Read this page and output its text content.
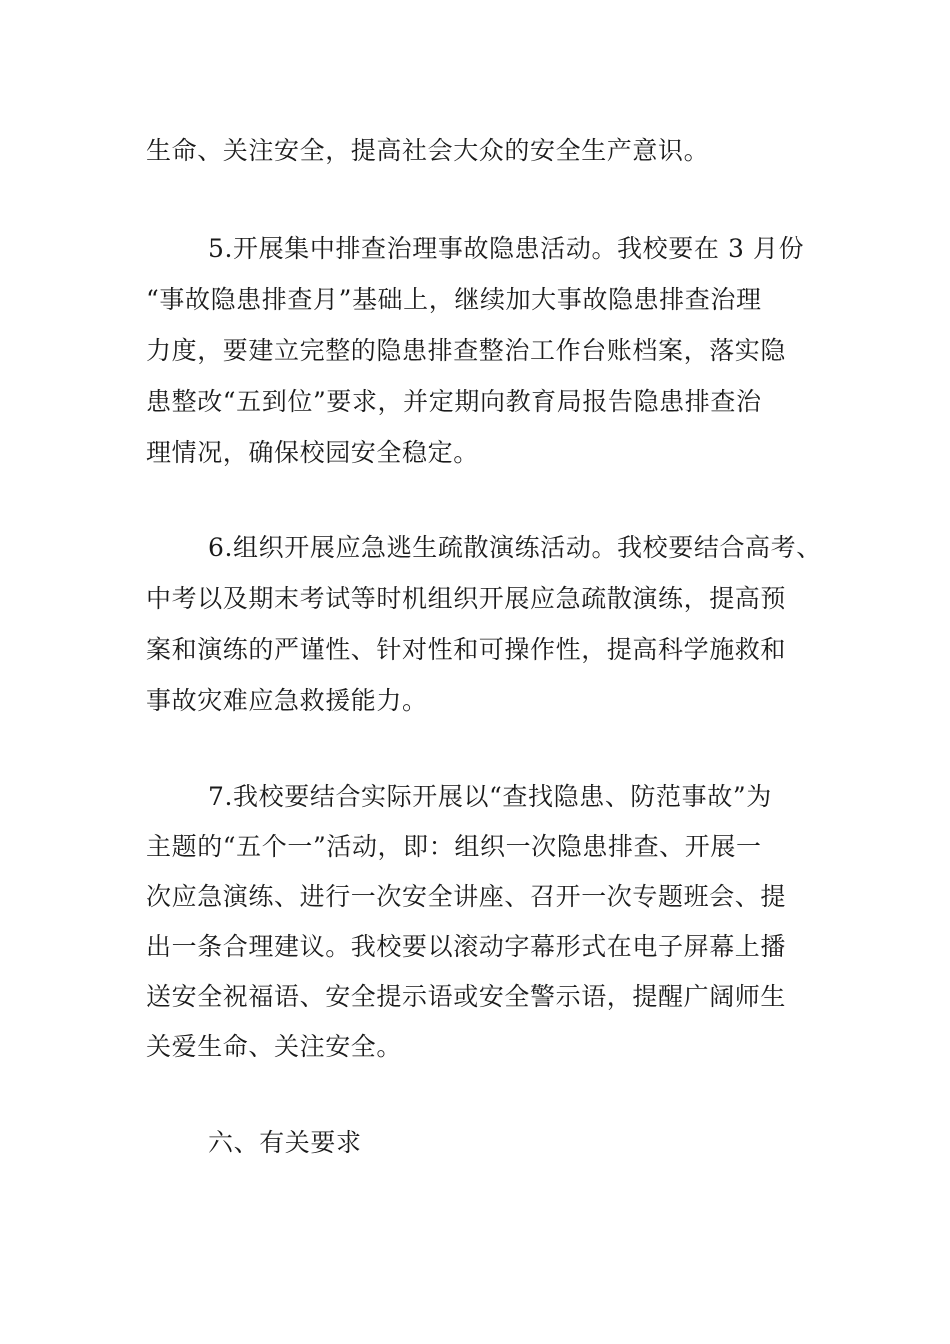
生命、关注安全，提高社会大众的安全生产意识。
5.开展集中排查治理事故隐患活动。我校要在 3 月份
“事故隐患排查月”基础上，继续加大事故隐患排查治理
力度，要建立完整的隐患排查整治工作台账档案，落实隐
患整改“五到位”要求，并定期向教育局报告隐患排查治
理情况，确保校园安全稳定。
6.组织开展应急逃生疏散演练活动。我校要结合高考、
中考以及期末考试等时机组织开展应急疏散演练，提高预
案和演练的严谨性、针对性和可操作性，提高科学施救和
事故灾难应急救援能力。
7.我校要结合实际开展以“查找隐患、防范事故”为
主题的“五个一”活动，即：组织一次隐患排查、开展一
次应急演练、进行一次安全讲座、召开一次专题班会、提
出一条合理建议。我校要以滚动字幕形式在电子屏幕上播
送安全祝福语、安全提示语或安全警示语，提醒广阔师生
关爱生命、关注安全。
六、有关要求
